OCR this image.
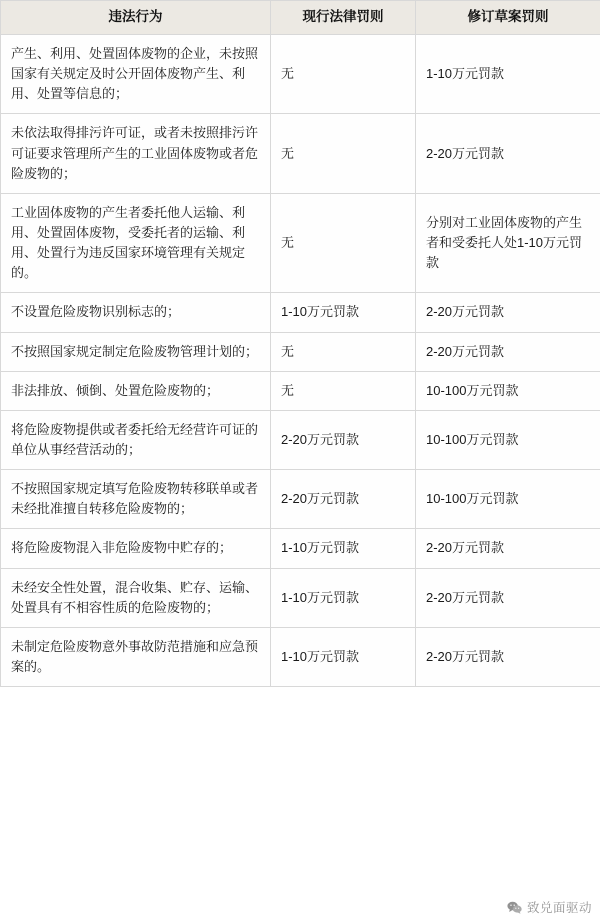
违法行为	现行法律罚则	修订草案罚则
产生、利用、处置固体废物的企业，未按照国家有关规定及时公开固体废物产生、利用、处置等信息的；	无	1-10万元罚款
未依法取得排污许可证，或者未按照排污许可证要求管理所产生的工业固体废物或者危险废物的；	无	2-20万元罚款
工业固体废物的产生者委托他人运输、利用、处置固体废物，受委托者的运输、利用、处置行为违反国家环境管理有关规定的。	无	分别对工业固体废物的产生者和受委托人处1-10万元罚款
不设置危险废物识别标志的；	1-10万元罚款	2-20万元罚款
不按照国家规定制定危险废物管理计划的；	无	2-20万元罚款
非法排放、倾倒、处置危险废物的；	无	10-100万元罚款
将危险废物提供或者委托给无经营许可证的单位从事经营活动的；	2-20万元罚款	10-100万元罚款
不按照国家规定填写危险废物转移联单或者未经批准擅自转移危险废物的；	2-20万元罚款	10-100万元罚款
将危险废物混入非危险废物中贮存的；	1-10万元罚款	2-20万元罚款
未经安全性处置，混合收集、贮存、运输、处置具有不相容性质的危险废物的；	1-10万元罚款	2-20万元罚款
未制定危险废物意外事故防范措施和应急预案的。	1-10万元罚款	2-20万元罚款
致兑面驱动
